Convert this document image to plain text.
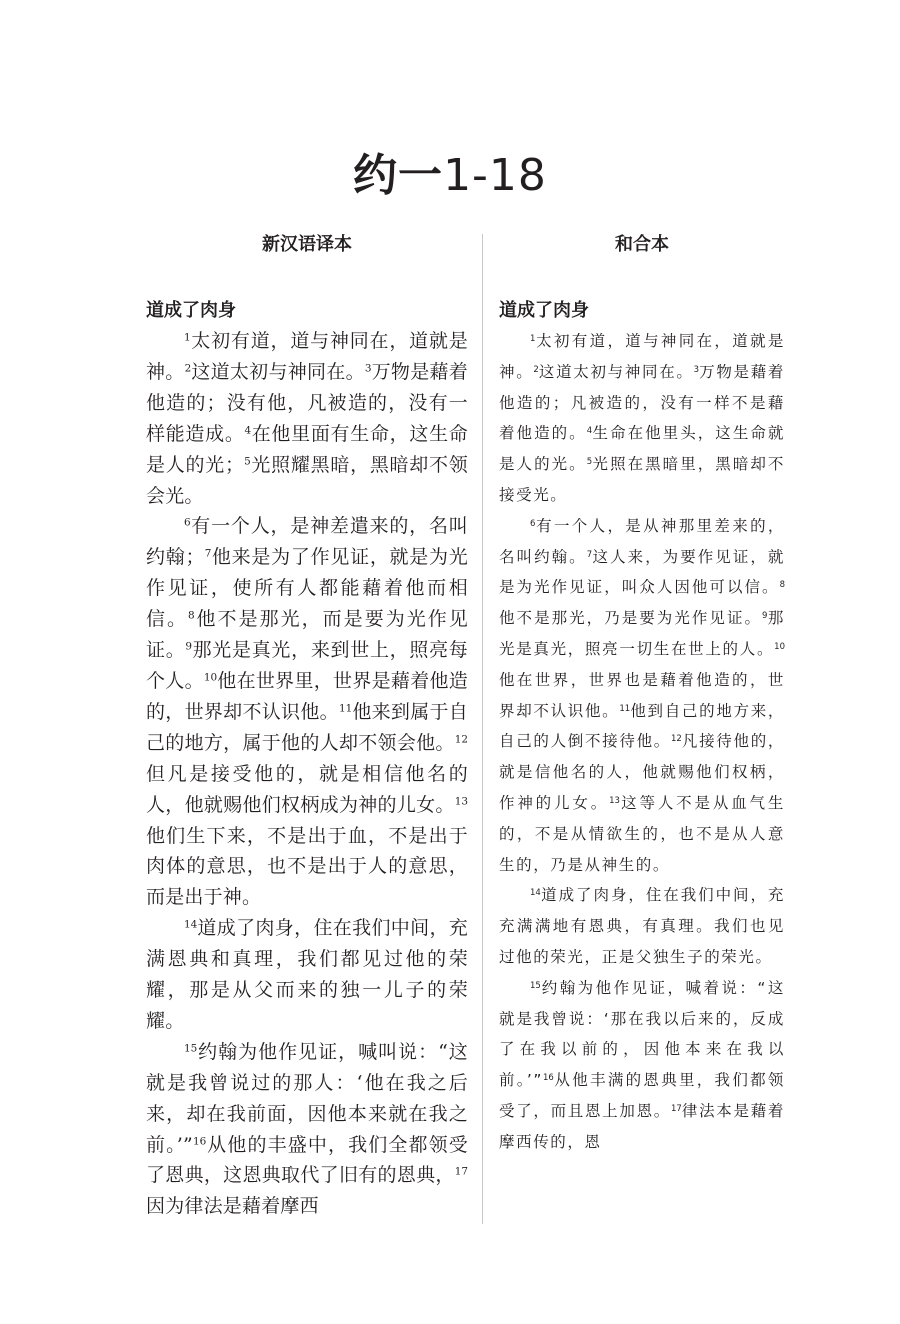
约一1-18
新汉语译本	和合本
道成了肉身

$^1$太初有道，道与神同在，道就是神。$^2$这道太初与神同在。$^3$万物是藉着他造的；没有他，凡被造的，没有一样能造成。$^4$在他里面有生命，这生命是人的光；$^5$光照耀黑暗，黑暗却不领会光。

$^6$有一个人，是神差遣来的，名叫约翰；$^7$他来是为了作见证，就是为光作见证，使所有人都能藉着他而相信。$^8$他不是那光，而是要为光作见证。$^9$那光是真光，来到世上，照亮每个人。$^{10}$他在世界里，世界是藉着他造的，世界却不认识他。$^{11}$他来到属于自己的地方，属于他的人却不领会他。$^{12}$但凡是接受他的，就是相信他名的人，他就赐他们权柄成为神的儿女。$^{13}$他们生下来，不是出于血，不是出于肉体的意思，也不是出于人的意思，而是出于神。

$^{14}$道成了肉身，住在我们中间，充满恩典和真理，我们都见过他的荣耀，那是从父而来的独一儿子的荣耀。

$^{15}$约翰为他作见证，喊叫说：“这就是我曾说过的那人：‘他在我之后来，却在我前面，因他本来就在我之前。’”$^{16}$从他的丰盛中，我们全都领受了恩典，这恩典取代了旧有的恩典，$^{17}$因为律法是藉着摩西

道成了肉身

$^1$太初有道，道与神同在，道就是神。$^2$这道太初与神同在。$^3$万物是藉着他造的；凡被造的，没有一样不是藉着他造的。$^4$生命在他里头，这生命就是人的光。$^5$光照在黑暗里，黑暗却不接受光。

$^6$有一个人，是从神那里差来的，名叫约翰。$^7$这人来，为要作见证，就是为光作见证，叫众人因他可以信。$^8$他不是那光，乃是要为光作见证。$^9$那光是真光，照亮一切生在世上的人。$^{10}$他在世界，世界也是藉着他造的，世界却不认识他。$^{11}$他到自己的地方来，自己的人倒不接待他。$^{12}$凡接待他的，就是信他名的人，他就赐他们权柄，作神的儿女。$^{13}$这等人不是从血气生的，不是从情欲生的，也不是从人意生的，乃是从神生的。

$^{14}$道成了肉身，住在我们中间，充充满满地有恩典，有真理。我们也见过他的荣光，正是父独生子的荣光。

$^{15}$约翰为他作见证，喊着说：“这就是我曾说：‘那在我以后来的，反成了在我以前的，因他本来在我以前。’”$^{16}$从他丰满的恩典里，我们都领受了，而且恩上加恩。$^{17}$律法本是藉着摩西传的，恩
